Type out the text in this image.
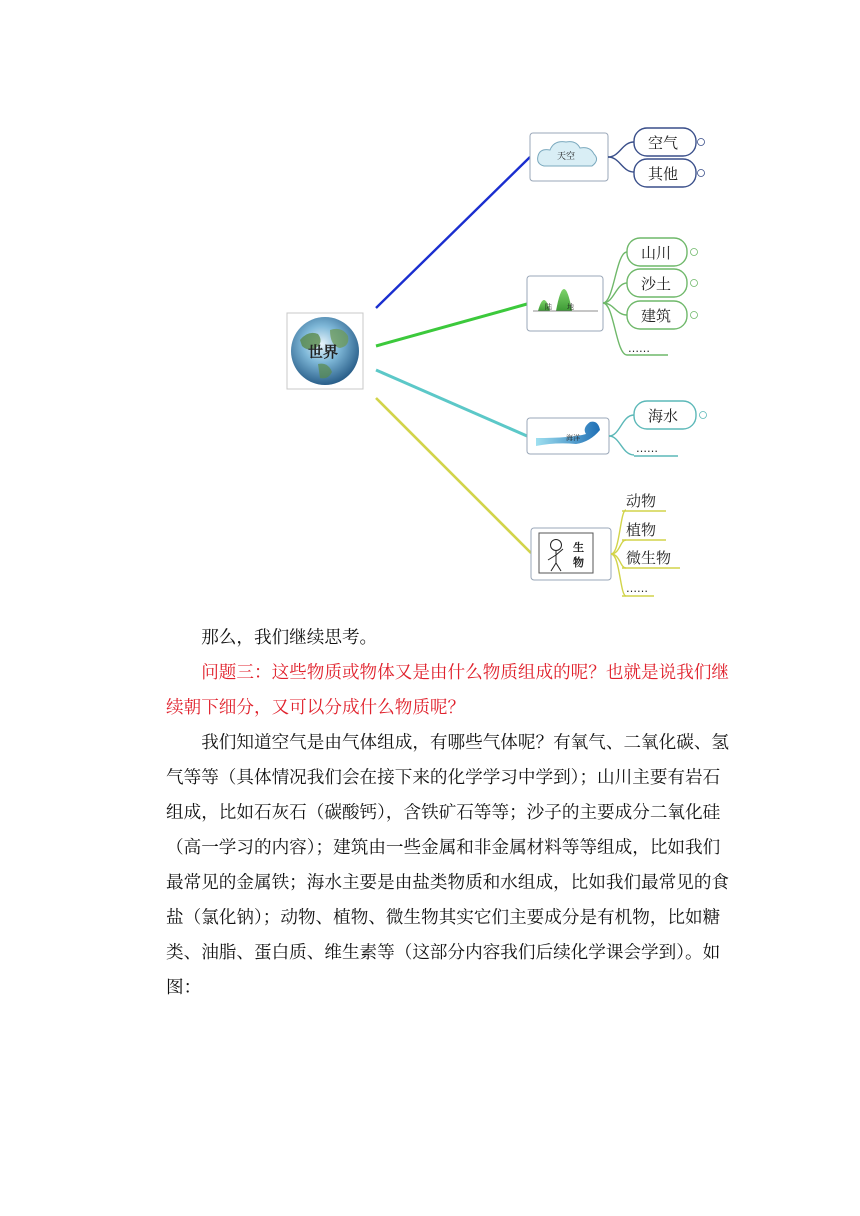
世界
天空
空气
其他
陆 地
山川
沙土
建筑
……
海洋
海水
……
生
物
动物
植物
微生物
……

那么，我们继续思考。

问题三：这些物质或物体又是由什么物质组成的呢？也就是说我们继续朝下细分，又可以分成什么物质呢？

我们知道空气是由气体组成，有哪些气体呢？有氧气、二氧化碳、氢气等等（具体情况我们会在接下来的化学学习中学到）；山川主要有岩石组成，比如石灰石（碳酸钙），含铁矿石等等；沙子的主要成分二氧化硅（高一学习的内容）；建筑由一些金属和非金属材料等等组成，比如我们最常见的金属铁；海水主要是由盐类物质和水组成，比如我们最常见的食盐（氯化钠）；动物、植物、微生物其实它们主要成分是有机物，比如糖类、油脂、蛋白质、维生素等（这部分内容我们后续化学课会学到）。如图：
